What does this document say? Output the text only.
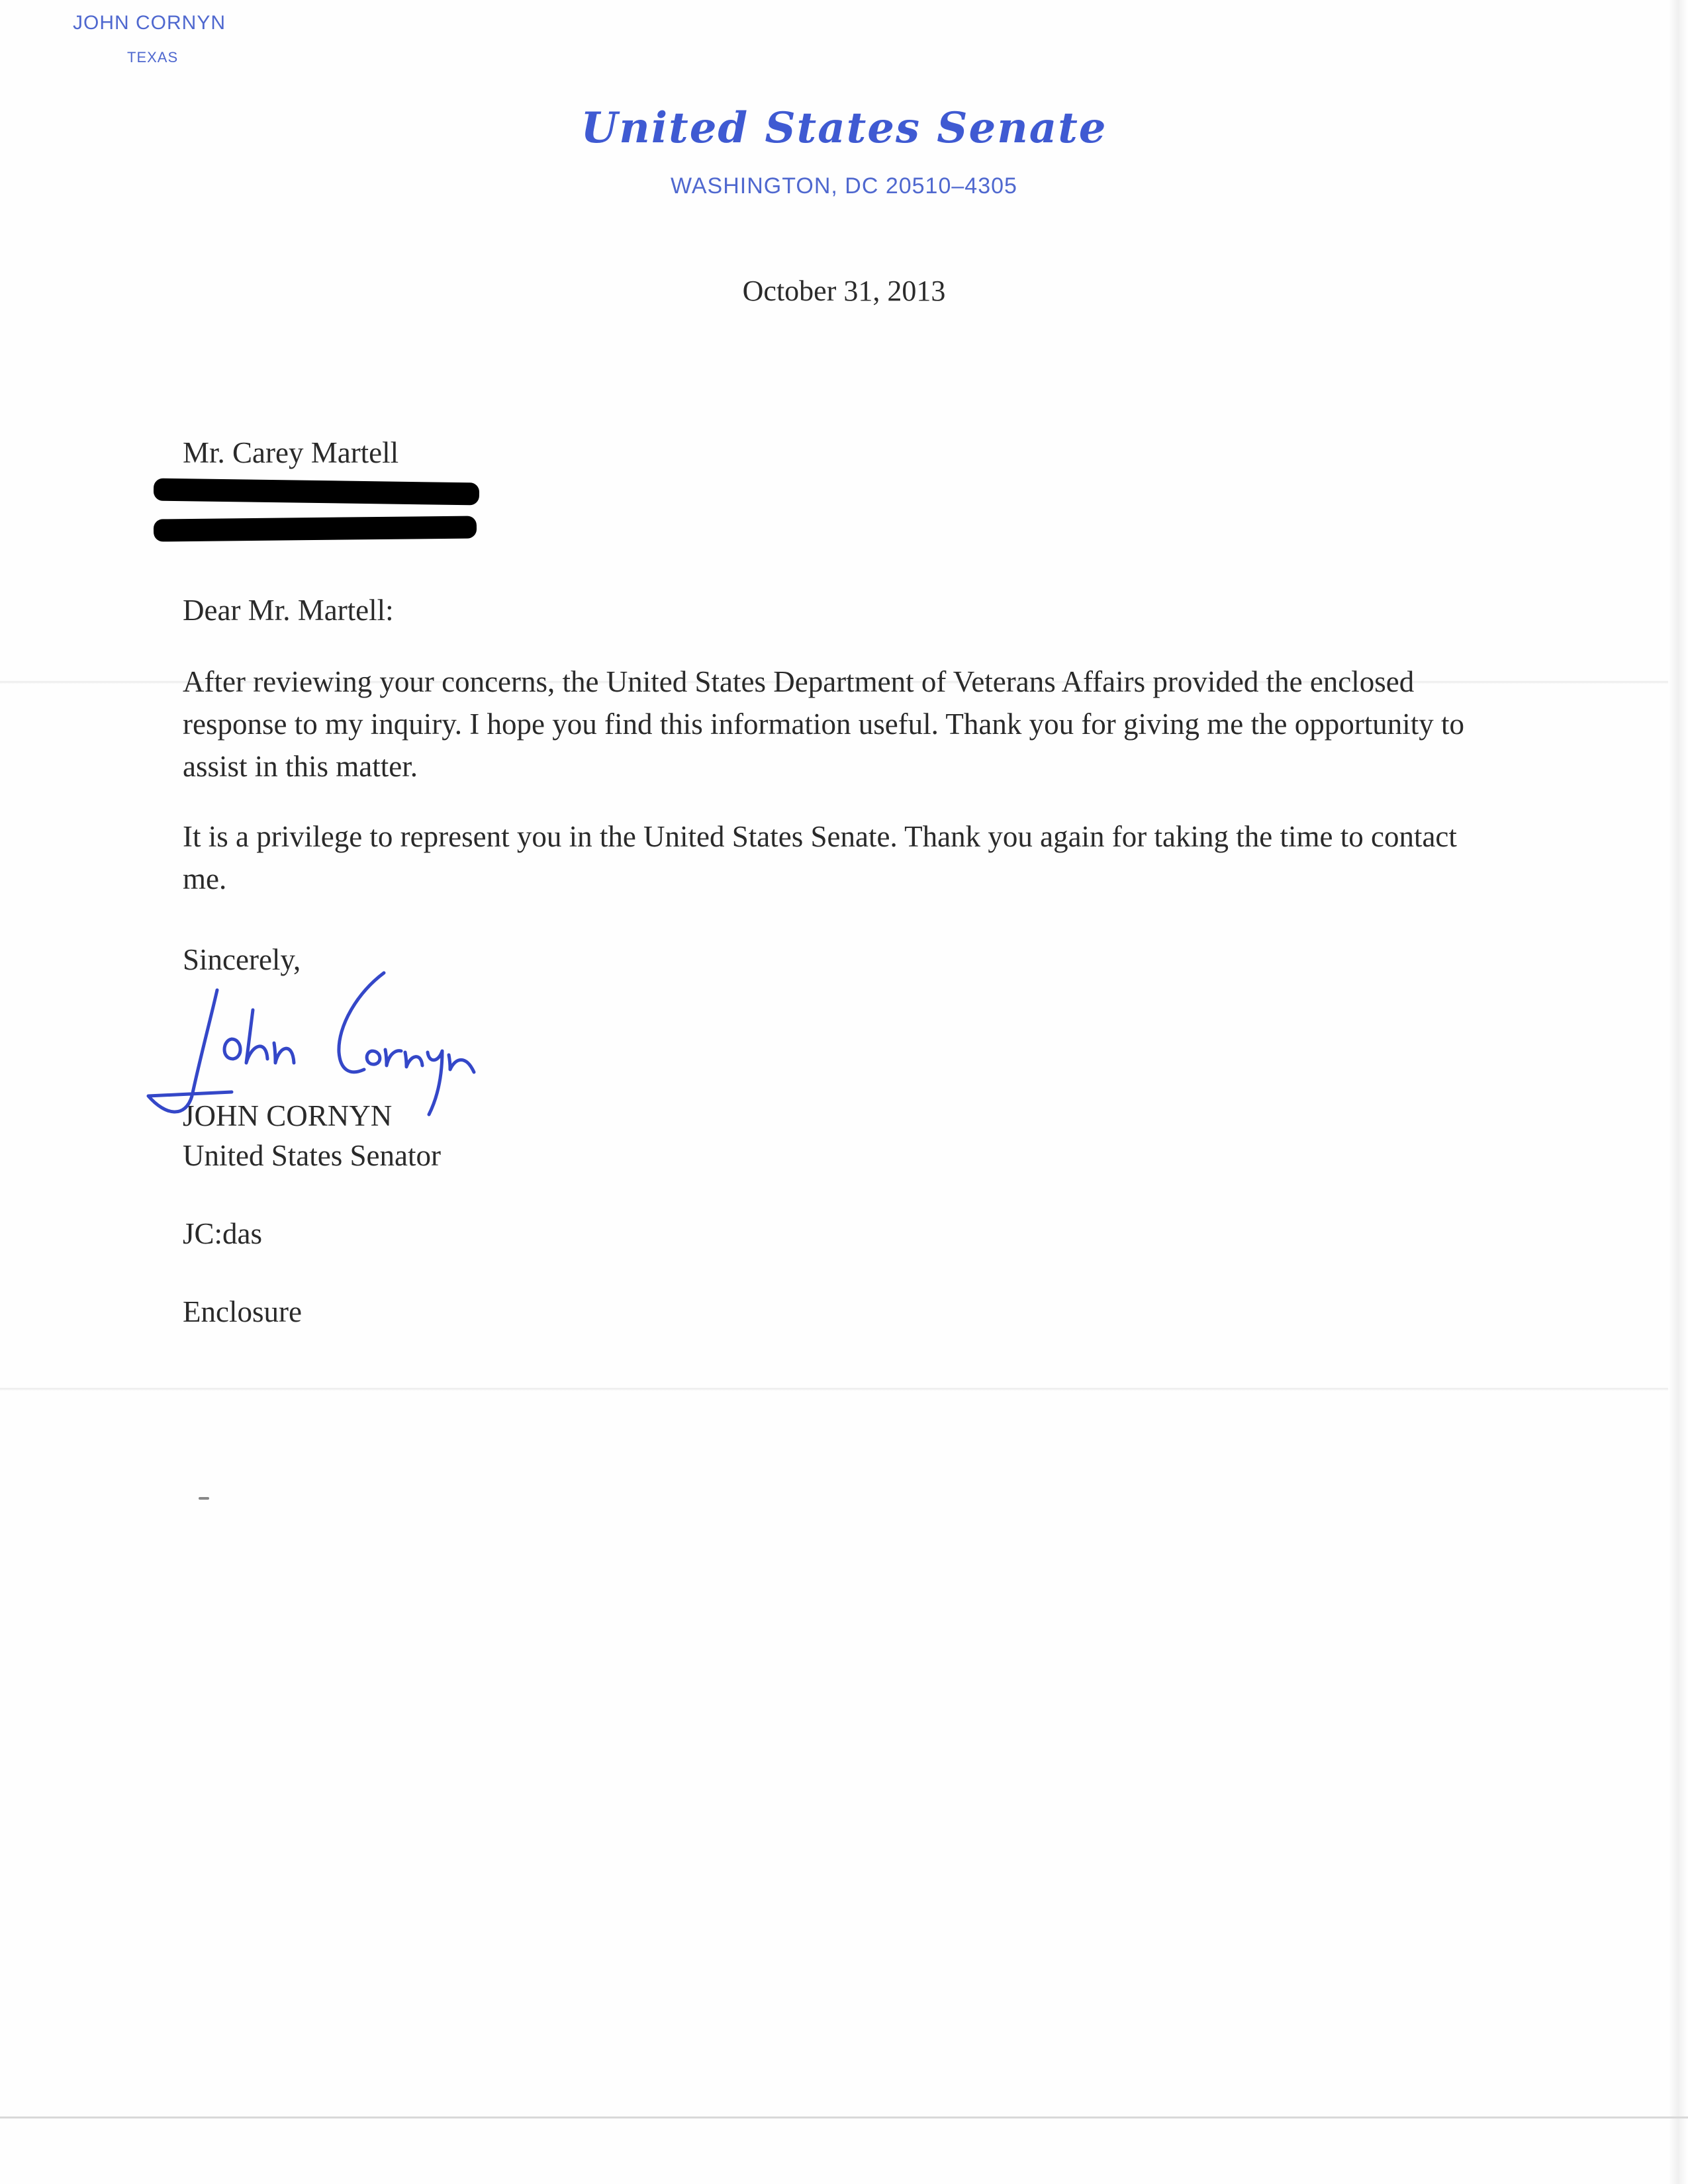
JOHN CORNYN
TEXAS
United States Senate
WASHINGTON, DC 20510–4305
October 31, 2013
Mr. Carey Martell
Dear Mr. Martell:
After reviewing your concerns, the United States Department of Veterans Affairs provided the enclosed response to my inquiry. I hope you find this information useful. Thank you for giving me the opportunity to assist in this matter.
It is a privilege to represent you in the United States Senate. Thank you again for taking the time to contact me.
Sincerely,
JOHN CORNYN
United States Senator
JC:das
Enclosure
